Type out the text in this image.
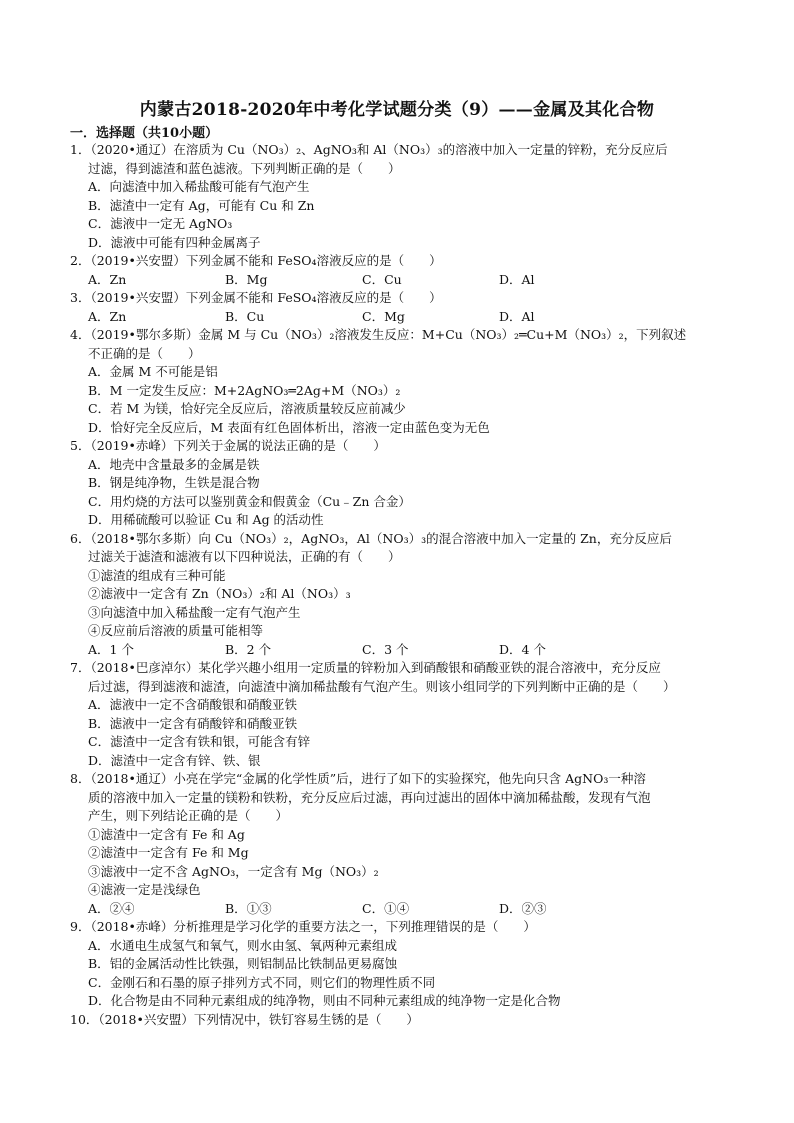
内蒙古2018-2020年中考化学试题分类（9）——金属及其化合物
一．选择题（共10小题）
1．（2020•通辽）在溶质为 Cu（NO₃）₂、AgNO₃和 Al（NO₃）₃的溶液中加入一定量的锌粉，充分反应后
过滤，得到滤渣和蓝色滤液。下列判断正确的是（　　）
A．向滤渣中加入稀盐酸可能有气泡产生
B．滤渣中一定有 Ag，可能有 Cu 和 Zn
C．滤液中一定无 AgNO₃
D．滤液中可能有四种金属离子
2．（2019•兴安盟）下列金属不能和 FeSO₄溶液反应的是（　　）
A．Zn	B．Mg	C．Cu	D．Al
3．（2019•兴安盟）下列金属不能和 FeSO₄溶液反应的是（　　）
A．Zn	B．Cu	C．Mg	D．Al
4．（2019•鄂尔多斯）金属 M 与 Cu（NO₃）₂溶液发生反应：M+Cu（NO₃）₂═Cu+M（NO₃）₂，下列叙述
不正确的是（　　）
A．金属 M 不可能是铝
B．M 一定发生反应：M+2AgNO₃═2Ag+M（NO₃）₂
C．若 M 为镁，恰好完全反应后，溶液质量较反应前减少
D．恰好完全反应后，M 表面有红色固体析出，溶液一定由蓝色变为无色
5．（2019•赤峰）下列关于金属的说法正确的是（　　）
A．地壳中含量最多的金属是铁
B．钢是纯净物，生铁是混合物
C．用灼烧的方法可以鉴别黄金和假黄金（Cu﹣Zn 合金）
D．用稀硫酸可以验证 Cu 和 Ag 的活动性
6．（2018•鄂尔多斯）向 Cu（NO₃）₂，AgNO₃，Al（NO₃）₃的混合溶液中加入一定量的 Zn，充分反应后
过滤关于滤渣和滤液有以下四种说法，正确的有（　　）
①滤渣的组成有三种可能
②滤液中一定含有 Zn（NO₃）₂和 Al（NO₃）₃
③向滤渣中加入稀盐酸一定有气泡产生
④反应前后溶液的质量可能相等
A．1 个	B．2 个	C．3 个	D．4 个
7．（2018•巴彦淖尔）某化学兴趣小组用一定质量的锌粉加入到硝酸银和硝酸亚铁的混合溶液中，充分反应
后过滤，得到滤液和滤渣，向滤渣中滴加稀盐酸有气泡产生。则该小组同学的下列判断中正确的是（　　）
A．滤液中一定不含硝酸银和硝酸亚铁
B．滤液中一定含有硝酸锌和硝酸亚铁
C．滤渣中一定含有铁和银，可能含有锌
D．滤渣中一定含有锌、铁、银
8．（2018•通辽）小亮在学完“金属的化学性质”后，进行了如下的实验探究，他先向只含 AgNO₃一种溶
质的溶液中加入一定量的镁粉和铁粉，充分反应后过滤，再向过滤出的固体中滴加稀盐酸，发现有气泡
产生，则下列结论正确的是（　　）
①滤渣中一定含有 Fe 和 Ag
②滤渣中一定含有 Fe 和 Mg
③滤液中一定不含 AgNO₃，一定含有 Mg（NO₃）₂
④滤液一定是浅绿色
A．②④	B．①③	C．①④	D．②③
9．（2018•赤峰）分析推理是学习化学的重要方法之一，下列推理错误的是（　　）
A．水通电生成氢气和氧气，则水由氢、氧两种元素组成
B．铝的金属活动性比铁强，则铝制品比铁制品更易腐蚀
C．金刚石和石墨的原子排列方式不同，则它们的物理性质不同
D．化合物是由不同种元素组成的纯净物，则由不同种元素组成的纯净物一定是化合物
10．（2018•兴安盟）下列情况中，铁钉容易生锈的是（　　）
